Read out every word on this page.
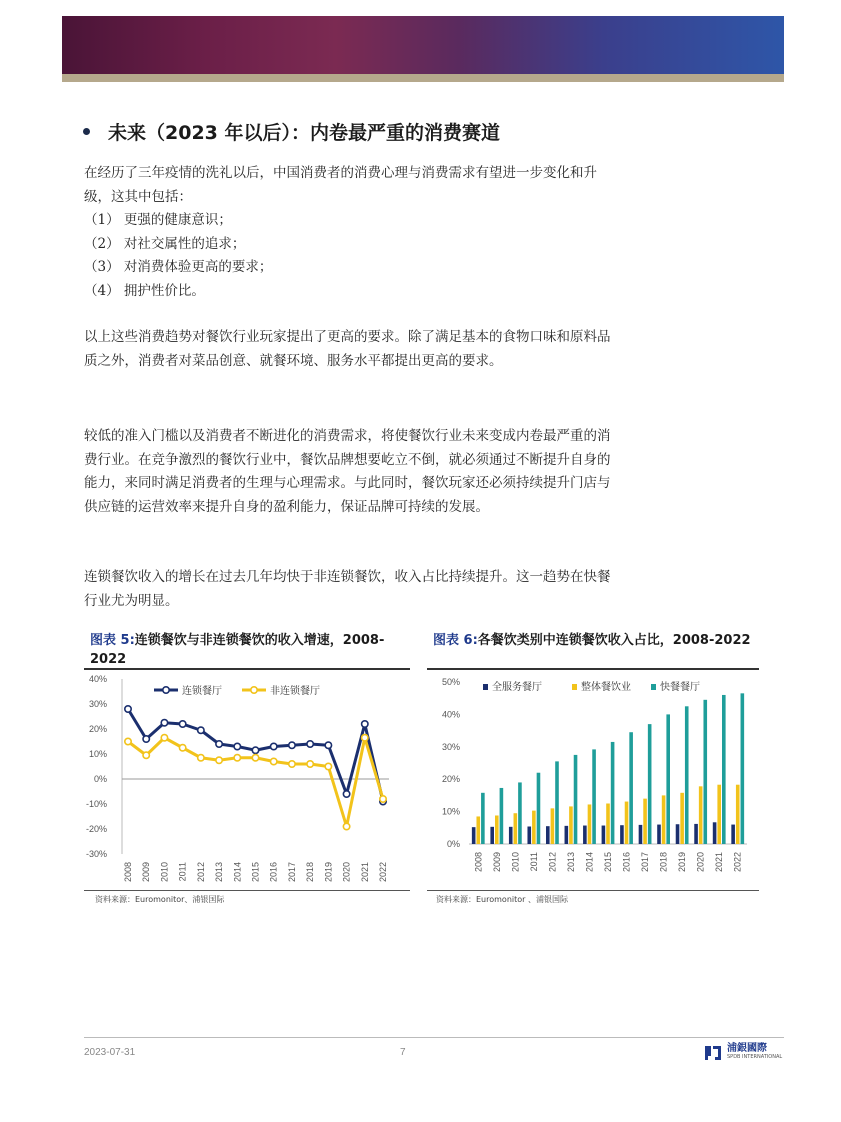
未来（2023 年以后）：内卷最严重的消费赛道

在经历了三年疫情的洗礼以后，中国消费者的消费心理与消费需求有望进一步变化和升级，这其中包括：

（1） 更强的健康意识；

（2） 对社交属性的追求；

（3） 对消费体验更高的要求；

（4） 拥护性价比。

以上这些消费趋势对餐饮行业玩家提出了更高的要求。除了满足基本的食物口味和原料品质之外，消费者对菜品创意、就餐环境、服务水平都提出更高的要求。

较低的准入门槛以及消费者不断进化的消费需求，将使餐饮行业未来变成内卷最严重的消费行业。在竞争激烈的餐饮行业中，餐饮品牌想要屹立不倒，就必须通过不断提升自身的能力，来同时满足消费者的生理与心理需求。与此同时，餐饮玩家还必须持续提升门店与供应链的运营效率来提升自身的盈利能力，保证品牌可持续的发展。

连锁餐饮收入的增长在过去几年均快于非连锁餐饮，收入占比持续提升。这一趋势在快餐行业尤为明显。

图表 5:连锁餐饮与非连锁餐饮的收入增速，2008-2022
40%
30%
20%
10%
0%
-10%
-20%
-30%
2008 2009 2010 2011 2012 2013 2014 2015 2016 2017 2018 2019 2020 2021 2022
连锁餐厅	非连锁餐厅
资料来源：Euromonitor、浦银国际
图表 6:各餐饮类别中连锁餐饮收入占比，2008-2022
50%
40%
30%
20%
10%
0%
2008 2009 2010 2011 2012 2013 2014 2015 2016 2017 2018 2019 2020 2021 2022
全服务餐厅	整体餐饮业	快餐餐厅
资料来源：Euromonitor 、浦银国际
2023-07-31	7	浦銀國際
SPDB INTERNATIONAL
